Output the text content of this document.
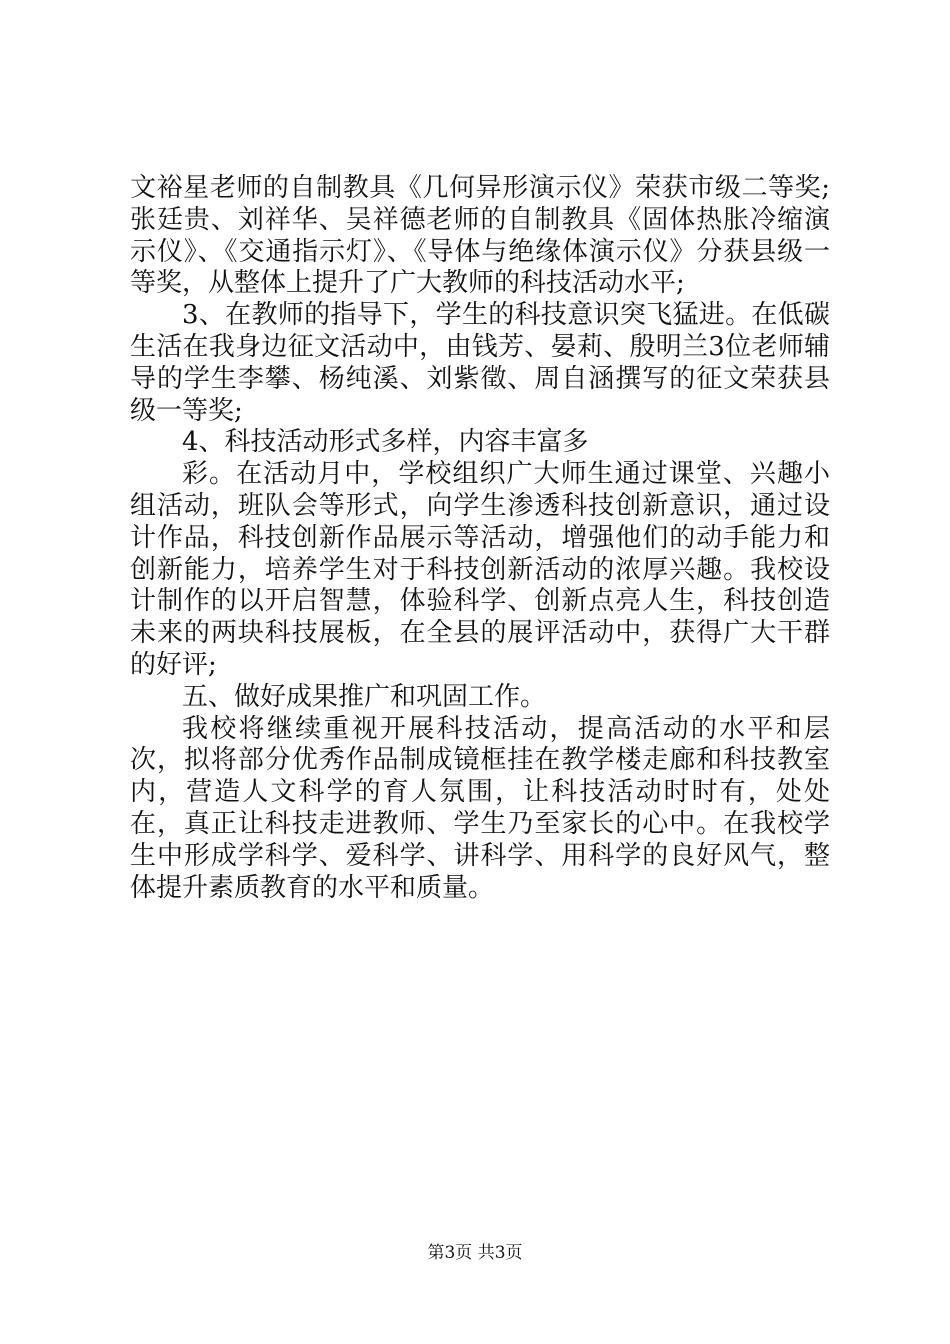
文裕星老师的自制教具《几何异形演示仪》荣获市级二等奖;张廷贵、刘祥华、吴祥德老师的自制教具《固体热胀冷缩演示仪》、《交通指示灯》、《导体与绝缘体演示仪》分获县级一等奖，从整体上提升了广大教师的科技活动水平;

3、在教师的指导下，学生的科技意识突飞猛进。在低碳生活在我身边征文活动中，由钱芳、晏莉、殷明兰3位老师辅导的学生李攀、杨纯溪、刘紫徵、周自涵撰写的征文荣获县级一等奖;

4、科技活动形式多样，内容丰富多

彩。在活动月中，学校组织广大师生通过课堂、兴趣小组活动，班队会等形式，向学生渗透科技创新意识，通过设计作品，科技创新作品展示等活动，增强他们的动手能力和创新能力，培养学生对于科技创新活动的浓厚兴趣。我校设计制作的以开启智慧，体验科学、创新点亮人生，科技创造未来的两块科技展板，在全县的展评活动中，获得广大干群的好评;

五、做好成果推广和巩固工作。

我校将继续重视开展科技活动，提高活动的水平和层次，拟将部分优秀作品制成镜框挂在教学楼走廊和科技教室内，营造人文科学的育人氛围，让科技活动时时有，处处在，真正让科技走进教师、学生乃至家长的心中。在我校学生中形成学科学、爱科学、讲科学、用科学的良好风气，整体提升素质教育的水平和质量。

第3页 共3页
